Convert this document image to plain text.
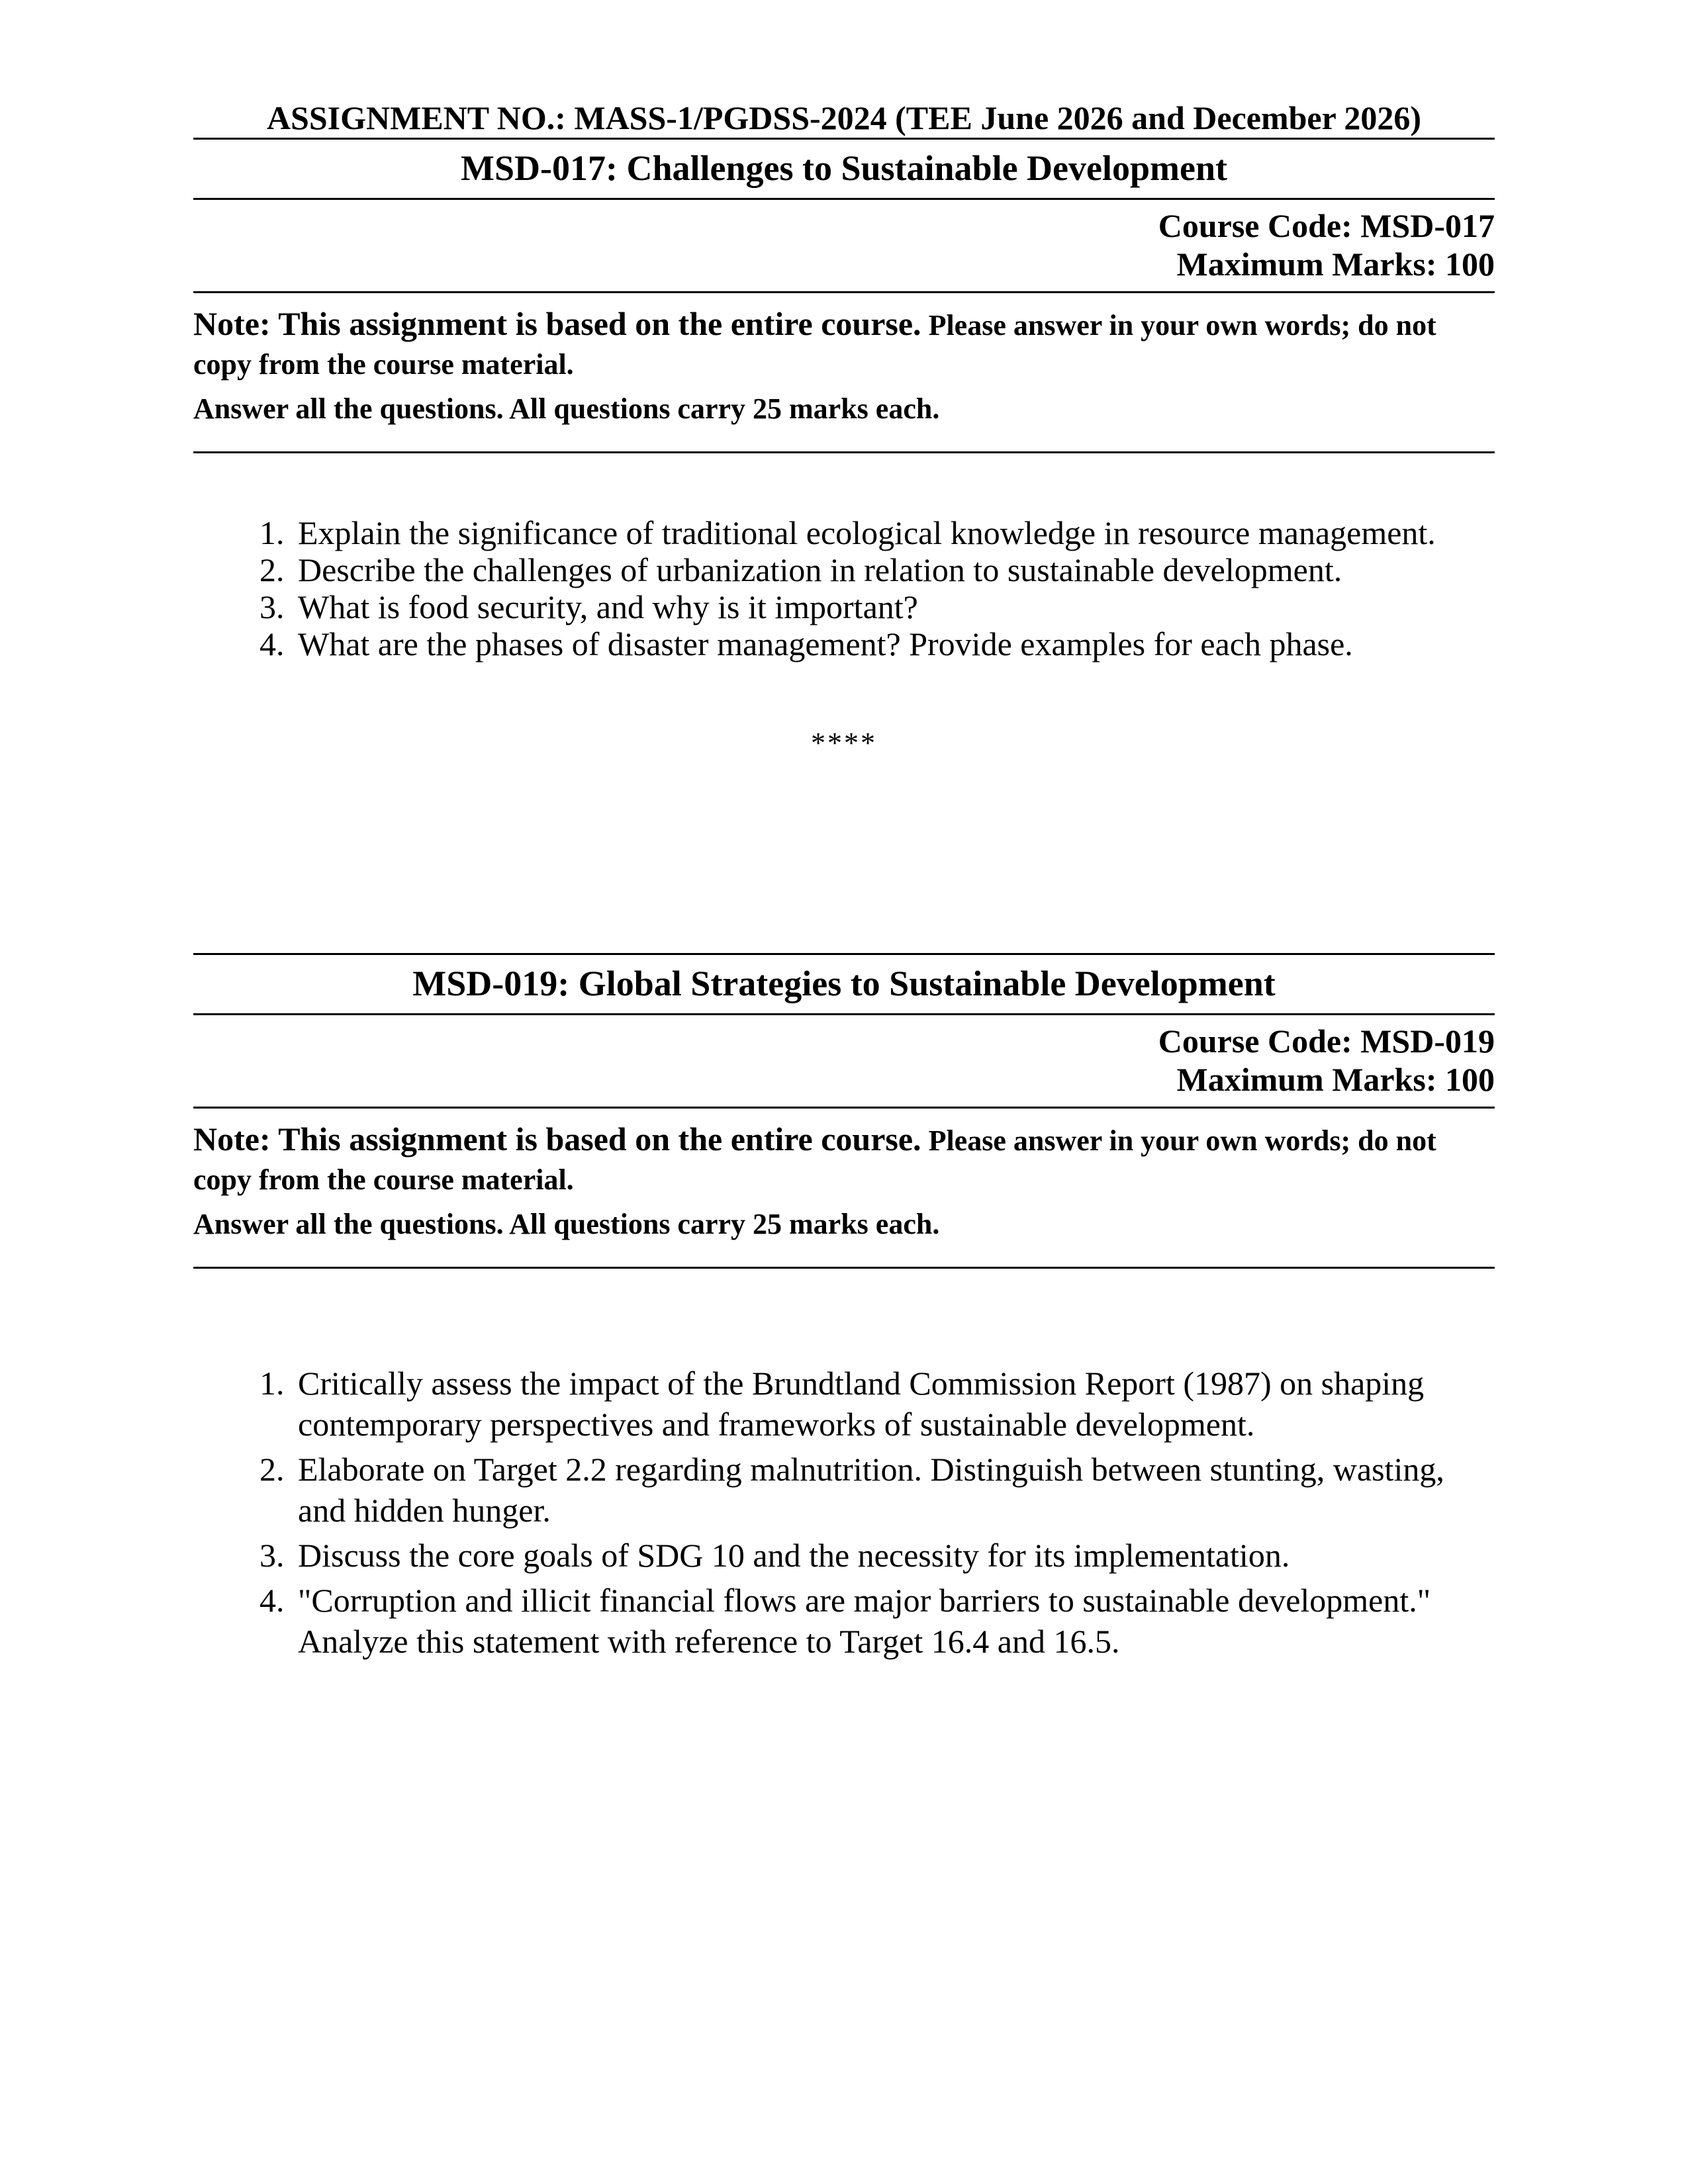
ASSIGNMENT NO.: MASS-1/PGDSS-2024 (TEE June 2026 and December 2026)
MSD-017: Challenges to Sustainable Development
Course Code: MSD-017
Maximum Marks: 100

Note: This assignment is based on the entire course. Please answer in your own words; do not copy from the course material.

Answer all the questions. All questions carry 25 marks each.

1. Explain the significance of traditional ecological knowledge in resource management.
2. Describe the challenges of urbanization in relation to sustainable development.
3. What is food security, and why is it important?
4. What are the phases of disaster management? Provide examples for each phase.
****
MSD-019: Global Strategies to Sustainable Development
Course Code: MSD-019
Maximum Marks: 100

Note: This assignment is based on the entire course. Please answer in your own words; do not copy from the course material.

Answer all the questions. All questions carry 25 marks each.

1. Critically assess the impact of the Brundtland Commission Report (1987) on shaping contemporary perspectives and frameworks of sustainable development.
2. Elaborate on Target 2.2 regarding malnutrition. Distinguish between stunting, wasting, and hidden hunger.
3. Discuss the core goals of SDG 10 and the necessity for its implementation.
4. "Corruption and illicit financial flows are major barriers to sustainable development." Analyze this statement with reference to Target 16.4 and 16.5.
